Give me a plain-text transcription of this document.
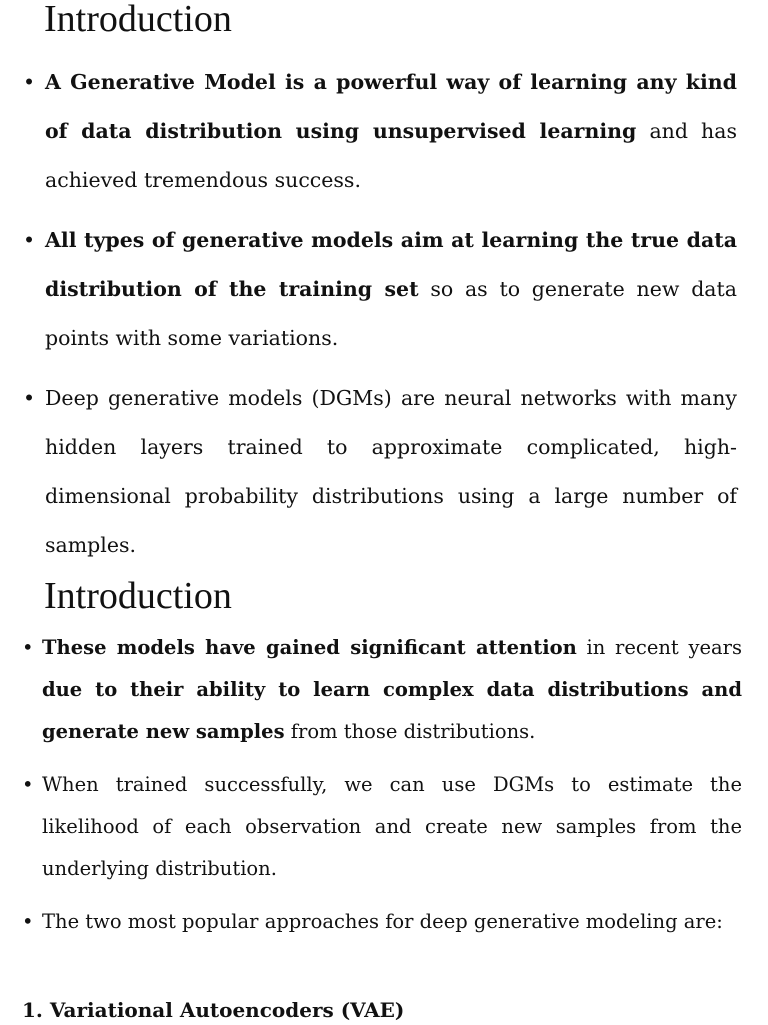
Introduction
• A Generative Model is a powerful way of learning any kind of data distribution using unsupervised learning and has achieved tremendous success.
• All types of generative models aim at learning the true data distribution of the training set so as to generate new data points with some variations.
• Deep generative models (DGMs) are neural networks with many hidden layers trained to approximate complicated, high-dimensional probability distributions using a large number of samples.
Introduction
• These models have gained significant attention in recent years due to their ability to learn complex data distributions and generate new samples from those distributions.
• When trained successfully, we can use DGMs to estimate the likelihood of each observation and create new samples from the underlying distribution.
• The two most popular approaches for deep generative modeling are:

1. Variational Autoencoders (VAE)
